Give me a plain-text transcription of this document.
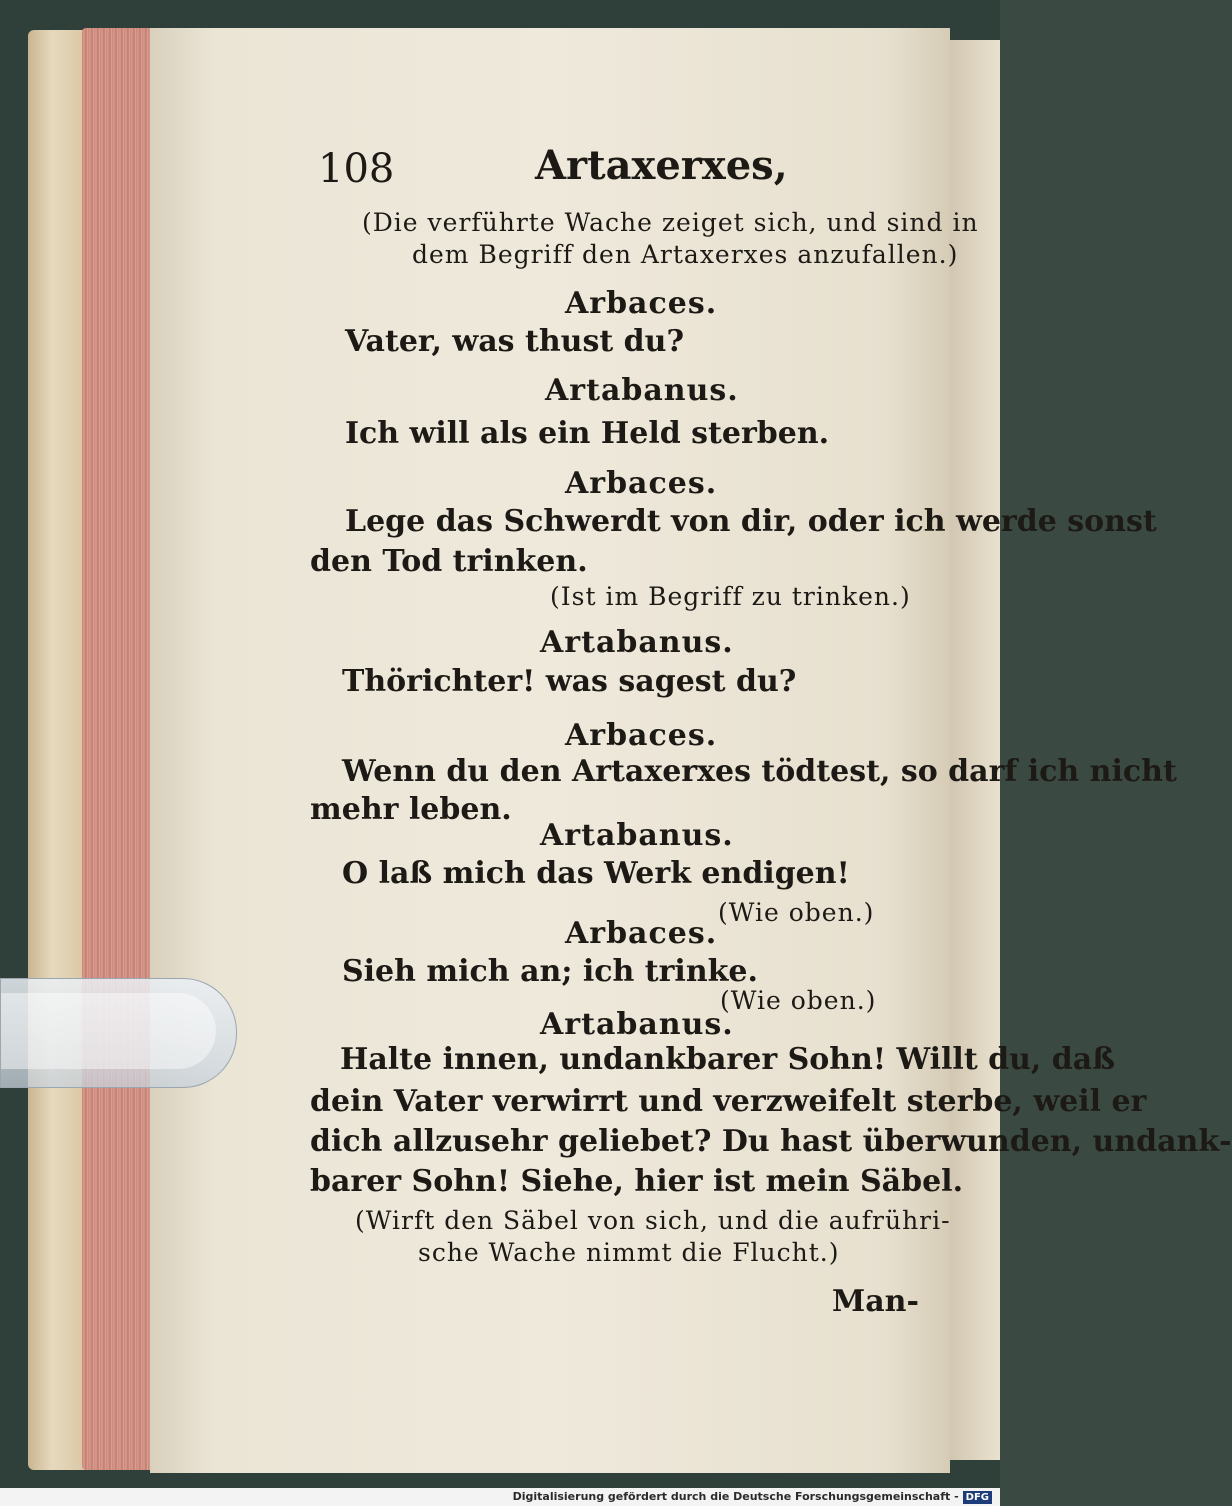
108	Artaxerxes,
(Die verführte Wache zeiget sich, und sind in
dem Begriff den Artaxerxes anzufallen.)
Arbaces.
Vater, was thust du?
Artabanus.
Ich will als ein Held sterben.
Arbaces.
Lege das Schwerdt von dir, oder ich werde sonst
den Tod trinken.
(Ist im Begriff zu trinken.)
Artabanus.
Thörichter! was sagest du?
Arbaces.
Wenn du den Artaxerxes tödtest, so darf ich nicht
mehr leben.
Artabanus.
O laß mich das Werk endigen!
(Wie oben.)
Arbaces.
Sieh mich an; ich trinke.
(Wie oben.)
Artabanus.
Halte innen, undankbarer Sohn! Willt du, daß
dein Vater verwirrt und verzweifelt sterbe, weil er
dich allzusehr geliebet? Du hast überwunden, undank‐
barer Sohn! Siehe, hier ist mein Säbel.
(Wirft den Säbel von sich, und die aufrühri‐
sche Wache nimmt die Flucht.)
Man‐
Digitalisierung gefördert durch die Deutsche Forschungsgemeinschaft - DFG
